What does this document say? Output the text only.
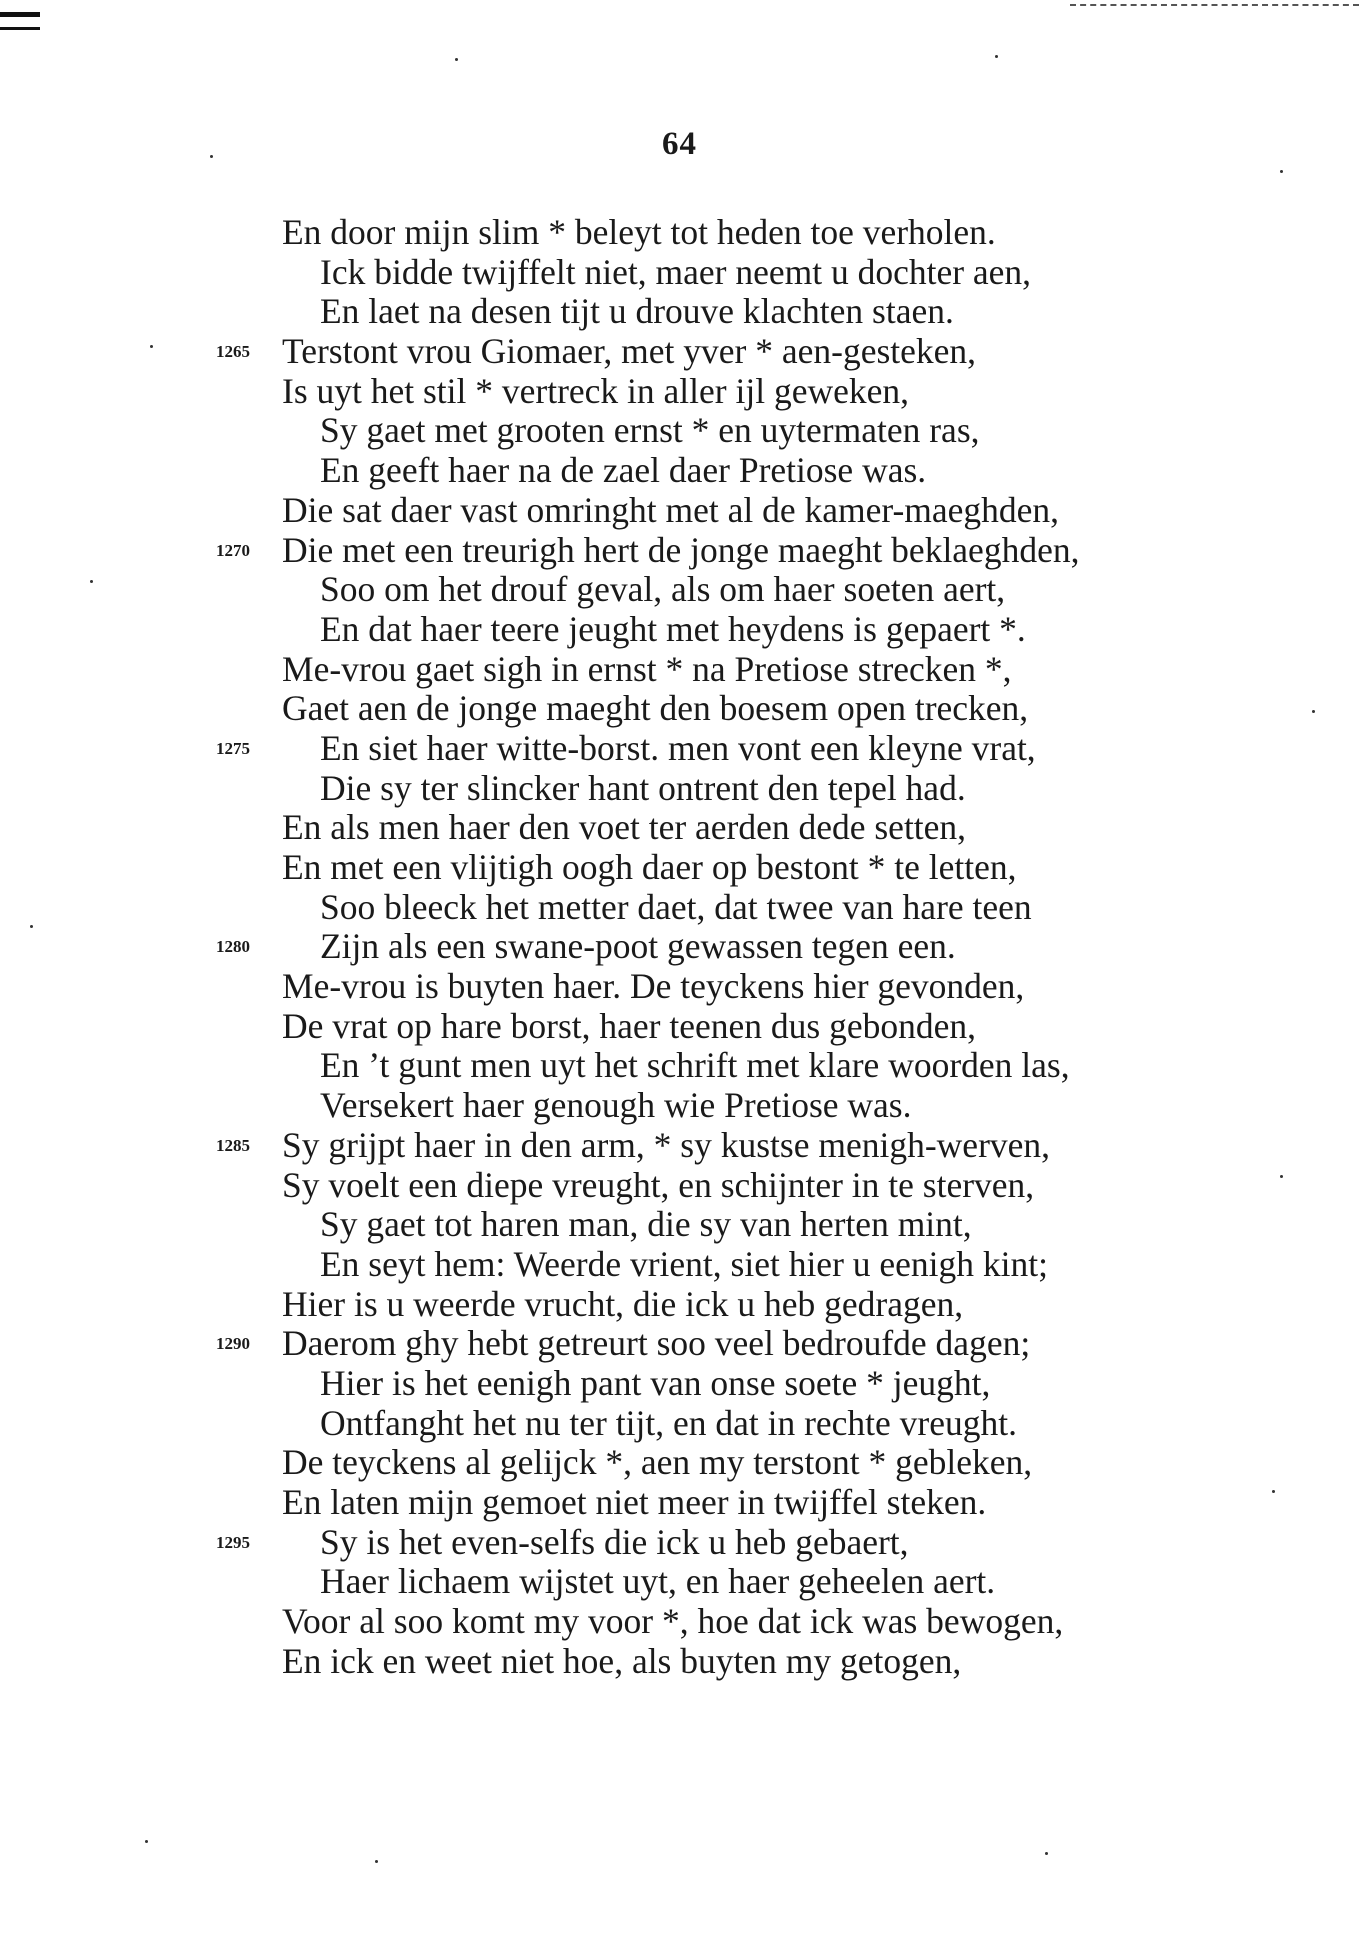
64
En door mijn slim * beleyt tot heden toe verholen.
Ick bidde twijffelt niet, maer neemt u dochter aen,
En laet na desen tijt u drouve klachten staen.
1265 Terstont vrou Giomaer, met yver * aen-gesteken,
Is uyt het stil * vertreck in aller ijl geweken,
Sy gaet met grooten ernst * en uytermaten ras,
En geeft haer na de zael daer Pretiose was.
Die sat daer vast omringht met al de kamer-maeghden,
1270 Die met een treurigh hert de jonge maeght beklaeghden,
Soo om het drouf geval, als om haer soeten aert,
En dat haer teere jeught met heydens is gepaert *.
Me-vrou gaet sigh in ernst * na Pretiose strecken *,
Gaet aen de jonge maeght den boesem open trecken,
1275 En siet haer witte-borst. men vont een kleyne vrat,
Die sy ter slincker hant ontrent den tepel had.
En als men haer den voet ter aerden dede setten,
En met een vlijtigh oogh daer op bestont * te letten,
Soo bleeck het metter daet, dat twee van hare teen
1280 Zijn als een swane-poot gewassen tegen een.
Me-vrou is buyten haer. De teyckens hier gevonden,
De vrat op hare borst, haer teenen dus gebonden,
En ’t gunt men uyt het schrift met klare woorden las,
Versekert haer genough wie Pretiose was.
1285 Sy grijpt haer in den arm, * sy kustse menigh-werven,
Sy voelt een diepe vreught, en schijnter in te sterven,
Sy gaet tot haren man, die sy van herten mint,
En seyt hem: Weerde vrient, siet hier u eenigh kint;
Hier is u weerde vrucht, die ick u heb gedragen,
1290 Daerom ghy hebt getreurt soo veel bedroufde dagen;
Hier is het eenigh pant van onse soete * jeught,
Ontfanght het nu ter tijt, en dat in rechte vreught.
De teyckens al gelijck *, aen my terstont * gebleken,
En laten mijn gemoet niet meer in twijffel steken.
1295 Sy is het even-selfs die ick u heb gebaert,
Haer lichaem wijstet uyt, en haer geheelen aert.
Voor al soo komt my voor *, hoe dat ick was bewogen,
En ick en weet niet hoe, als buyten my getogen,
